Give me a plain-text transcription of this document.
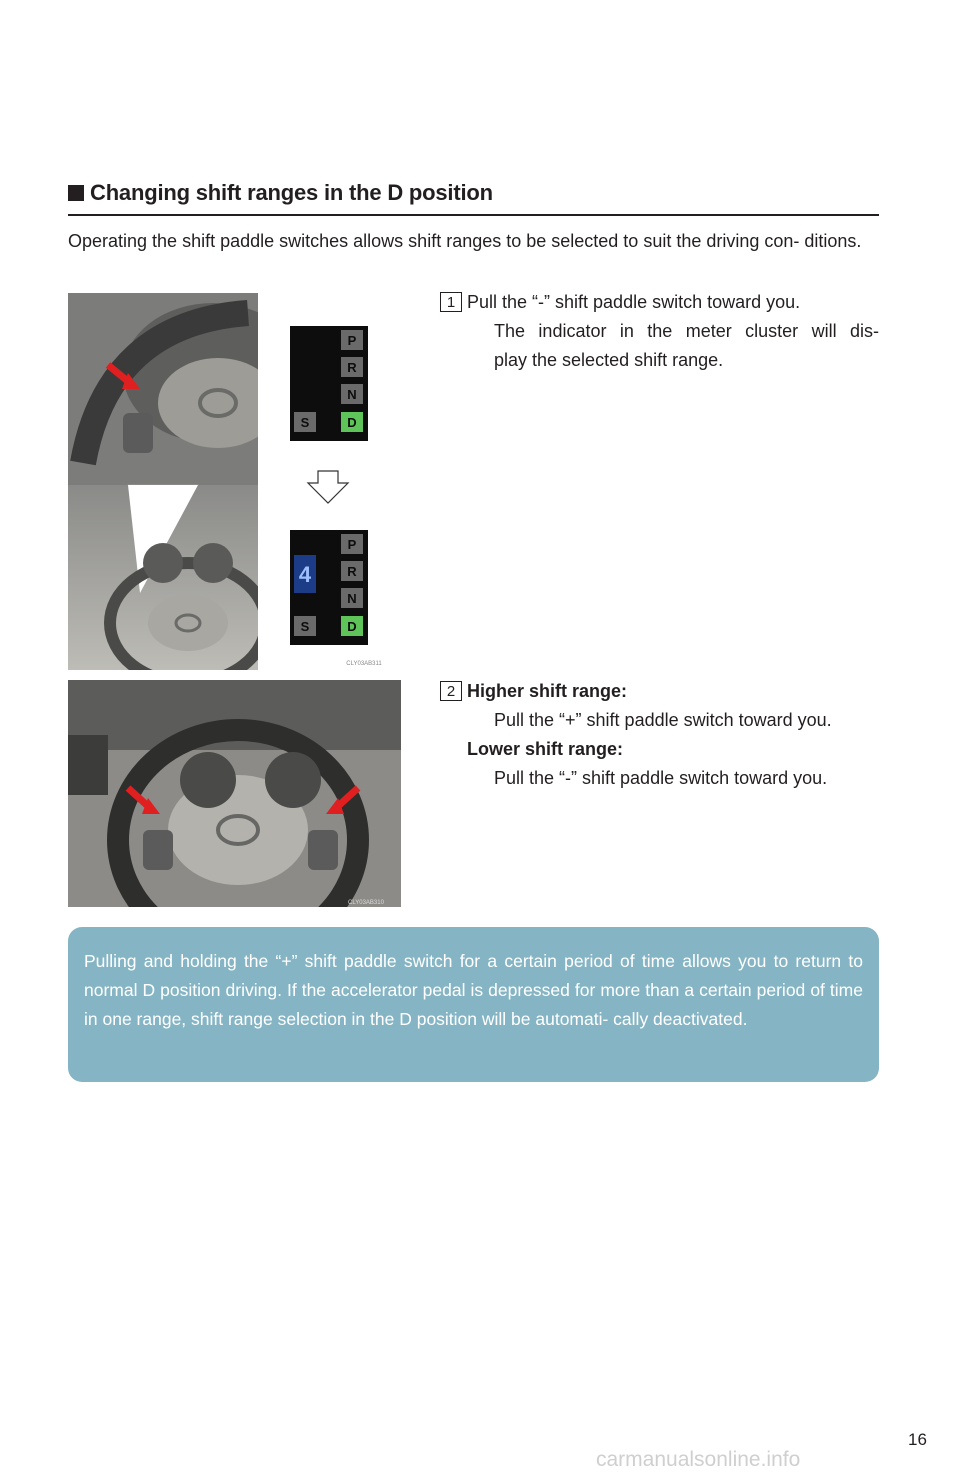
Changing shift ranges in the D position
Operating the shift paddle switches allows shift ranges to be selected to suit the driving con- ditions.
P
R
N
S	D
4
P
R
N
S	D
CLY03AB311
1 Pull the “-” shift paddle switch toward you.
The indicator in the meter cluster will dis-
play the selected shift range.
CLY03AB310
2 Higher shift range:
Pull the “+” shift paddle switch toward you.
Lower shift range:
Pull the “-” shift paddle switch toward you.
Pulling and holding the “+” shift paddle switch for a certain period of time allows you to return to normal D position driving. If the accelerator pedal is depressed for more than a certain period of time in one range, shift range selection in the D position will be automati- cally deactivated.
16
carmanualsonline.info
